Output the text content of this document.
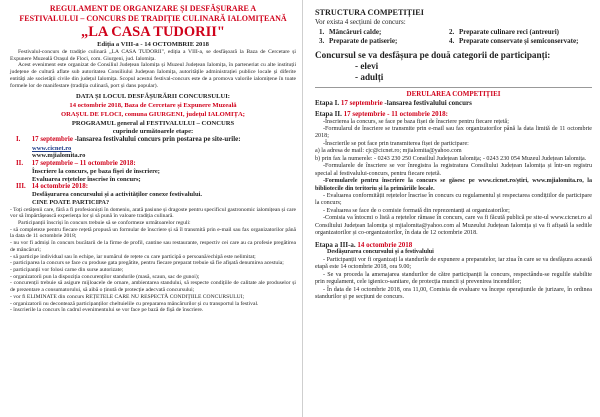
REGULAMENT DE ORGANIZARE ȘI DESFĂȘURARE A
FESTIVALULUI – CONCURS DE TRADIȚIE CULINARĂ IALOMIȚEANĂ
„LA CASA TUDORII"
Ediția a VIII-a - 14 OCTOMBRIE 2018

Festivalul-concurs de tradiție culinară „LA CASA TUDORII", ediția a VIII-a, se desfășoară la Baza de Cercetare și Expunere Muzeală Orașul de Floci, com. Giurgeni, jud. Ialomița.

Acest eveniment este organizat de Consiliul Județean Ialomița și Muzeul Județean Ialomița, în parteneriat cu alte instituții județene de cultură aflate sub autoritatea Consiliului Județean Ialomița, autoritățile administrației publice locale și diferite entități ale societății civile din județul Ialomița. Scopul acestui festival-concurs este de a promova valorile ialomițene în toate formele lor de manifestare (tradiția culinară, port și dans popular).

DATA ȘI LOCUL DESFĂȘURĂRII CONCURSULUI:
14 octombrie 2018, Baza de Cercetare și Expunere Muzeală
ORAȘUL DE FLOCI, comuna GIURGENI, județul IALOMIȚA;
PROGRAMUL general al FESTIVALULUI – CONCURS
cuprinde următoarele etape:
I. 17 septembrie -lansarea festivalului concurs prin postarea pe site-urile:
www.cicnet.ro
www.mjialomita.ro
II. 17 septembrie – 11 octombrie 2018:
Înscriere la concurs, pe baza fișei de înscriere;
Evaluarea rețetelor înscrise în concurs;
III. 14 octombrie 2018:
Desfășurarea concursului și a activităților conexe festivalului.
CINE POATE PARTICIPA?

- Toți cetățenii care, fără a fi profesioniști în domeniu, arată pasiune și dragoste pentru specificul gastronomic ialomițean și care vor să împărtășească experiența lor și să pună în valoare tradiția culinară.

Participanții înscriși în concurs trebuie să se conformeze următoarelor reguli:

- să completeze pentru fiecare rețetă propusă un formular de înscriere și să îl transmită prin e-mail sau fax organizatorilor până la data de 11 octombrie 2018;

- nu vor fi admiși în concurs bucătarii de la firme de profil, cantine sau restaurante, respectiv cei care au ca profesie pregătirea de mâncăruri;

- să participe individual sau în echipe, iar numărul de rețete cu care participă o persoană/echipă este nelimitat;

- participarea la concurs se face cu produse gata pregătite, pentru fiecare preparat trebuie să fie afișată denumirea acestuia;

- participanții vor folosi carne din surse autorizate;

- organizatorii pun la dispoziția concurenților standurile (masă, scaun, sac de gunoi);

- concurenții trebuie să asigure mijloacele de ornare, ambientarea standului, să respecte condițiile de calitate ale produselor și de prezentare a consumatorului, să aibă o ținută de protecție adecvată concursului;

- vor fi ELIMINATE din concurs REȚETELE CARE NU RESPECTĂ CONDIȚIILE CONCURSULUI;

- organizatorii nu decontează participanților cheltuielile cu prepararea mâncărurilor și cu transportul la festival.

- înscrierile la concurs în cadrul evenimentului se vor face pe bază de fișă de înscriere.

STRUCTURA COMPETIȚIEI
Vor exista 4 secțiuni de concurs:
1. Mâncăruri calde;	2. Preparate culinare reci (antreuri)
3. Preparate de patiserie;	4. Preparate conservate și semiconservate;
Concursul se va desfășura pe două categorii de participanți:
- elevi
- adulți
DERULAREA COMPETIȚIEI
Etapa I. 17 septembrie -lansarea festivalului concurs
Etapa II. 17 septembrie - 11 octombrie 2018:

-Înscrierea la concurs, se face pe baza fișei de înscriere pentru fiecare rețetă;

-Formularul de înscriere se transmite prin e-mail sau fax organizatorilor până la data limită de 11 octombrie 2018;

-Înscrierile se pot face prin transmiterea fișei de participare:

a) la adresa de mail: cjc@cicnet.ro; mjialomita@yahoo.com

b) prin fax la numerele: - 0243 230 250 Consiliul Județean Ialomița; - 0243 230 054 Muzeul Județean Ialomița.

-Formularele de înscriere se vor înregistra la registratura Consiliului Județean Ialomița și într-un registru special al festivalului-concurs, pentru fiecare rețetă.

-Formularele pentru înscriere la concurs se găsesc pe www.cicnet.ro/știri, www.mjialomita.ro, la bibliotecile din teritoriu și la primăriile locale.

- Evaluarea conformității rețetelor înscrise în concurs cu regulamentul și respectarea condițiilor de participare la concurs;

- Evaluarea se face de o comisie formată din reprezentanți ai organizatorilor;

-Comisia va întocmi o listă a rețetelor rămase în concurs, care va fi făcută publică pe site-ul www.cicnet.ro al Consiliului Județean Ialomița și mjialomita@yahoo.com al Muzeului Județean Ialomița și va fi afișată la sediile organizatorilor și co-organizatorilor, în data de 12 octombrie 2018.

Etapa a III-a. 14 octombrie 2018
Desfășurarea concursului și a festivalului

- Participanții vor fi organizați la standurile de expunere a preparatelor, iar ziua în care se va desfășura această etapă este 14 octombrie 2018, ora 9.00;

- Se va proceda la amenajarea standurilor de către participanții la concurs, respectându-se regulile stabilite prin regulament, cele igienico-sanitare, de protecția muncii și prevenirea incendiilor;

- În data de 14 octombrie 2018, ora 11,00, Comisia de evaluare va începe operațiunile de jurizare, în ordinea standurilor și pe secțiuni de concurs.
